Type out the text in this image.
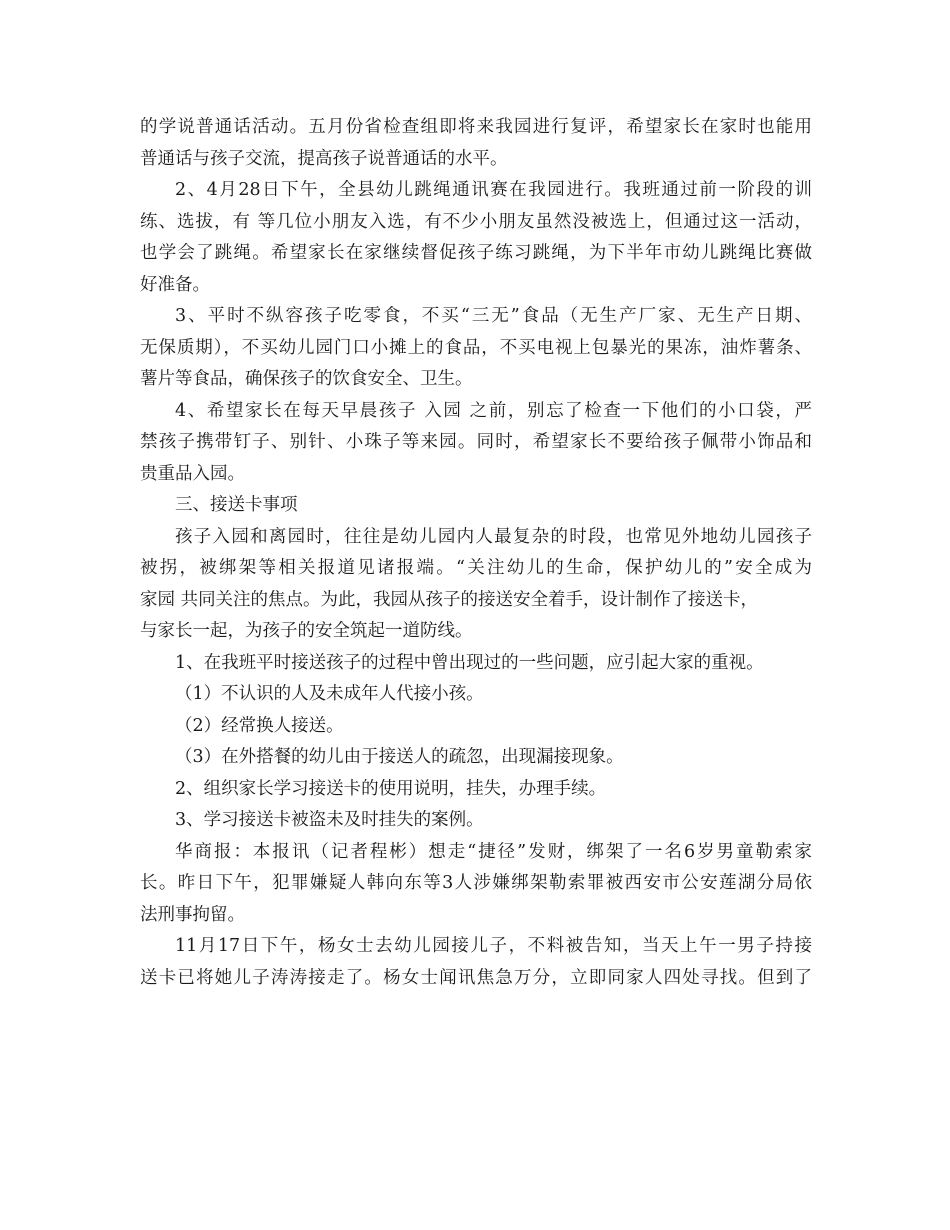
的学说普通话活动。五月份省检查组即将来我园进行复评，希望家长在家时也能用
普通话与孩子交流，提高孩子说普通话的水平。
2、4月28日下午，全县幼儿跳绳通讯赛在我园进行。我班通过前一阶段的训
练、选拔，有 等几位小朋友入选，有不少小朋友虽然没被选上，但通过这一活动，
也学会了跳绳。希望家长在家继续督促孩子练习跳绳，为下半年市幼儿跳绳比赛做
好准备。
3、平时不纵容孩子吃零食，不买“三无”食品（无生产厂家、无生产日期、
无保质期），不买幼儿园门口小摊上的食品，不买电视上包暴光的果冻，油炸薯条、
薯片等食品，确保孩子的饮食安全、卫生。
4、希望家长在每天早晨孩子 入园 之前，别忘了检查一下他们的小口袋，严
禁孩子携带钉子、别针、小珠子等来园。同时，希望家长不要给孩子佩带小饰品和
贵重品入园。
三、接送卡事项
孩子入园和离园时，往往是幼儿园内人最复杂的时段，也常见外地幼儿园孩子
被拐，被绑架等相关报道见诸报端。“关注幼儿的生命，保护幼儿的”安全成为
家园 共同关注的焦点。为此，我园从孩子的接送安全着手，设计制作了接送卡，
与家长一起，为孩子的安全筑起一道防线。
1、在我班平时接送孩子的过程中曾出现过的一些问题，应引起大家的重视。
（1）不认识的人及未成年人代接小孩。
（2）经常换人接送。
（3）在外搭餐的幼儿由于接送人的疏忽，出现漏接现象。
2、组织家长学习接送卡的使用说明，挂失，办理手续。
3、学习接送卡被盗未及时挂失的案例。
华商报：本报讯（记者程彬）想走“捷径”发财，绑架了一名6岁男童勒索家
长。昨日下午，犯罪嫌疑人韩向东等3人涉嫌绑架勒索罪被西安市公安莲湖分局依
法刑事拘留。
11月17日下午，杨女士去幼儿园接儿子，不料被告知，当天上午一男子持接
送卡已将她儿子涛涛接走了。杨女士闻讯焦急万分，立即同家人四处寻找。但到了
